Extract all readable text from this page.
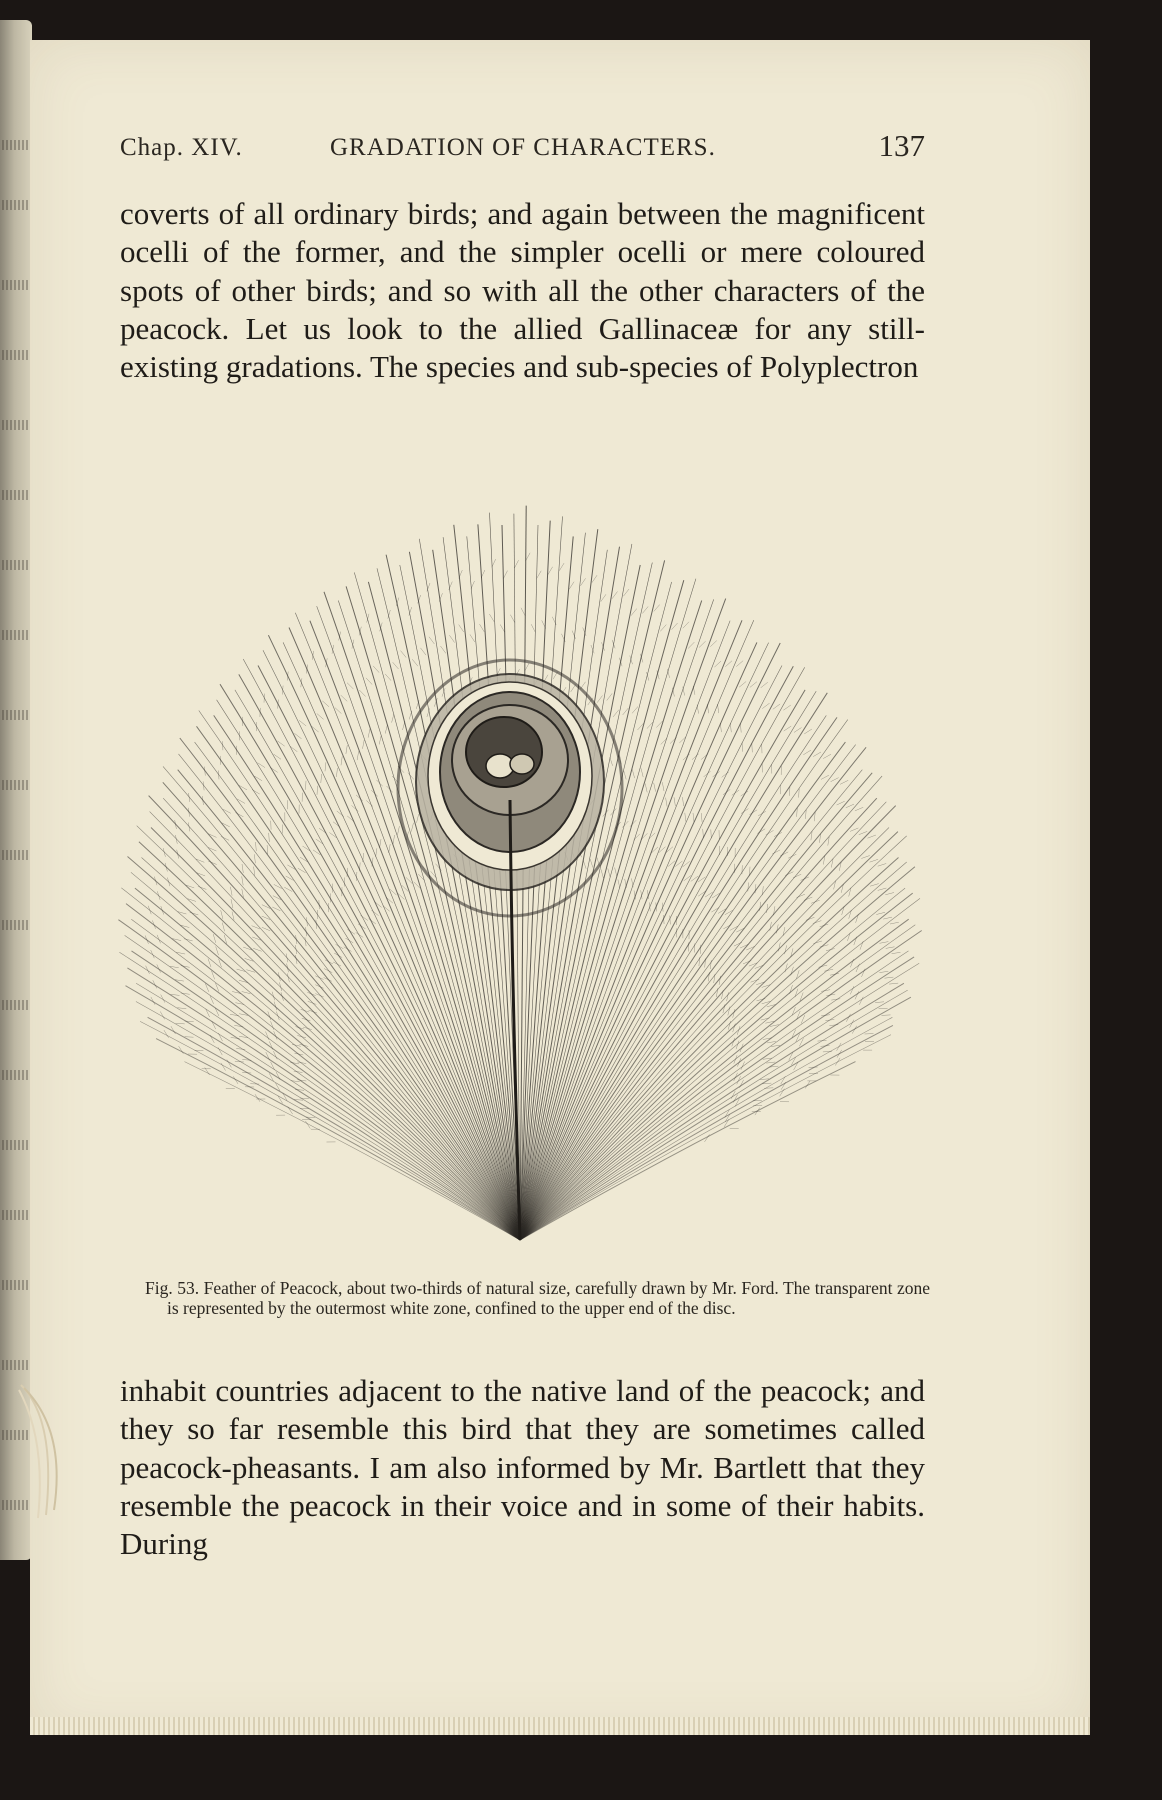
Chap. XIV.	GRADATION OF CHARACTERS.	137
coverts of all ordinary birds; and again between the magnificent ocelli of the former, and the simpler ocelli or mere coloured spots of other birds; and so with all the other characters of the peacock. Let us look to the allied Gallinaceæ for any still-existing gradations. The species and sub-species of Polyplectron
Fig. 53. Feather of Peacock, about two-thirds of natural size, carefully drawn by Mr. Ford. The transparent zone is represented by the outermost white zone, confined to the upper end of the disc.
inhabit countries adjacent to the native land of the peacock; and they so far resemble this bird that they are sometimes called peacock-pheasants. I am also informed by Mr. Bartlett that they resemble the peacock in their voice and in some of their habits. During
